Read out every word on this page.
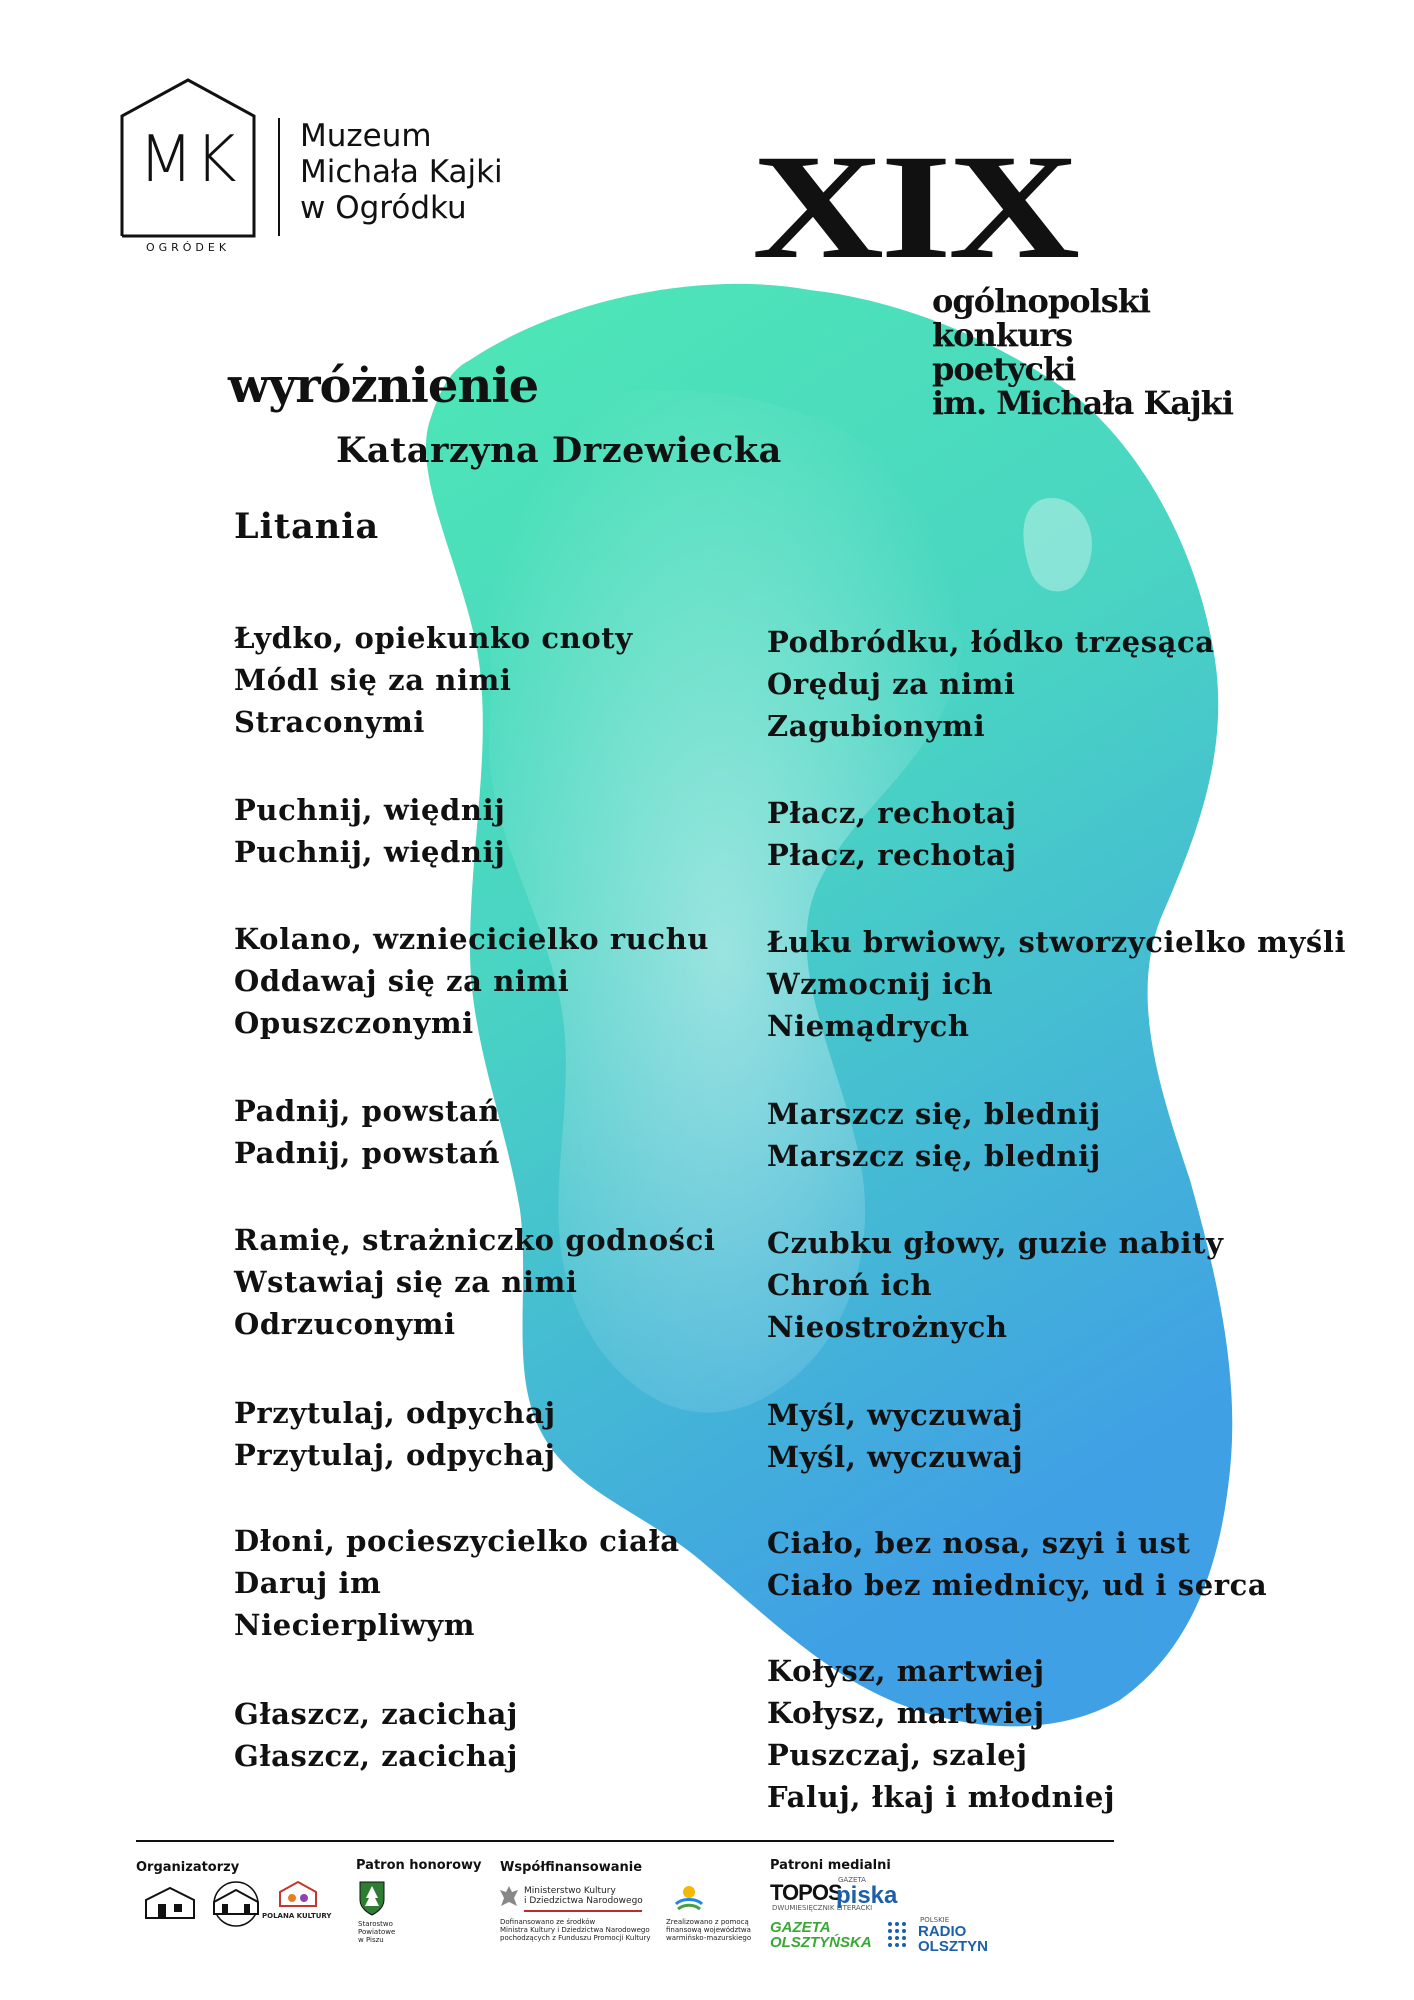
MK
OGRÓDEK
Muzeum
Michała Kajki
w Ogródku XIX
ogólnopolski
konkurs
poetycki
im. Michała Kajki
wyróżnienie
Katarzyna Drzewiecka
Litania
Łydko, opiekunko cnoty
Módl się za nimi
Straconymi
Puchnij, więdnij
Puchnij, więdnij
Kolano, wzniecicielko ruchu
Oddawaj się za nimi
Opuszczonymi
Padnij, powstań
Padnij, powstań
Ramię, strażniczko godności
Wstawiaj się za nimi
Odrzuconymi
Przytulaj, odpychaj
Przytulaj, odpychaj
Dłoni, pocieszycielko ciała
Daruj im
Niecierpliwym
Głaszcz, zacichaj
Głaszcz, zacichaj
Podbródku, łódko trzęsąca
Oręduj za nimi
Zagubionymi
Płacz, rechotaj
Płacz, rechotaj
Łuku brwiowy, stworzycielko myśli
Wzmocnij ich
Niemądrych
Marszcz się, blednij
Marszcz się, blednij
Czubku głowy, guzie nabity
Chroń ich
Nieostrożnych
Myśl, wyczuwaj
Myśl, wyczuwaj
Ciało, bez nosa, szyi i ust
Ciało bez miednicy, ud i serca
Kołysz, martwiej
Kołysz, martwiej
Puszczaj, szalej
Faluj, łkaj i młodniej
Organizatorzy
POLANA KULTURY
Patron honorowy
Starostwo
Powiatowe
w Piszu
Współfinansowanie
Ministerstwo Kultury
i Dziedzictwa Narodowego
Dofinansowano ze środków
Ministra Kultury i Dziedzictwa Narodowego
pochodzących z Funduszu Promocji Kultury
Zrealizowano z pomocą
finansową województwa
warmińsko-mazurskiego
Patroni medialni
TOPOS
DWUMIESIĘCZNIK LITERACKI
GAZETA
piska
GAZETA
OLSZTYŃSKA
POLSKIE
RADIO
OLSZTYN
